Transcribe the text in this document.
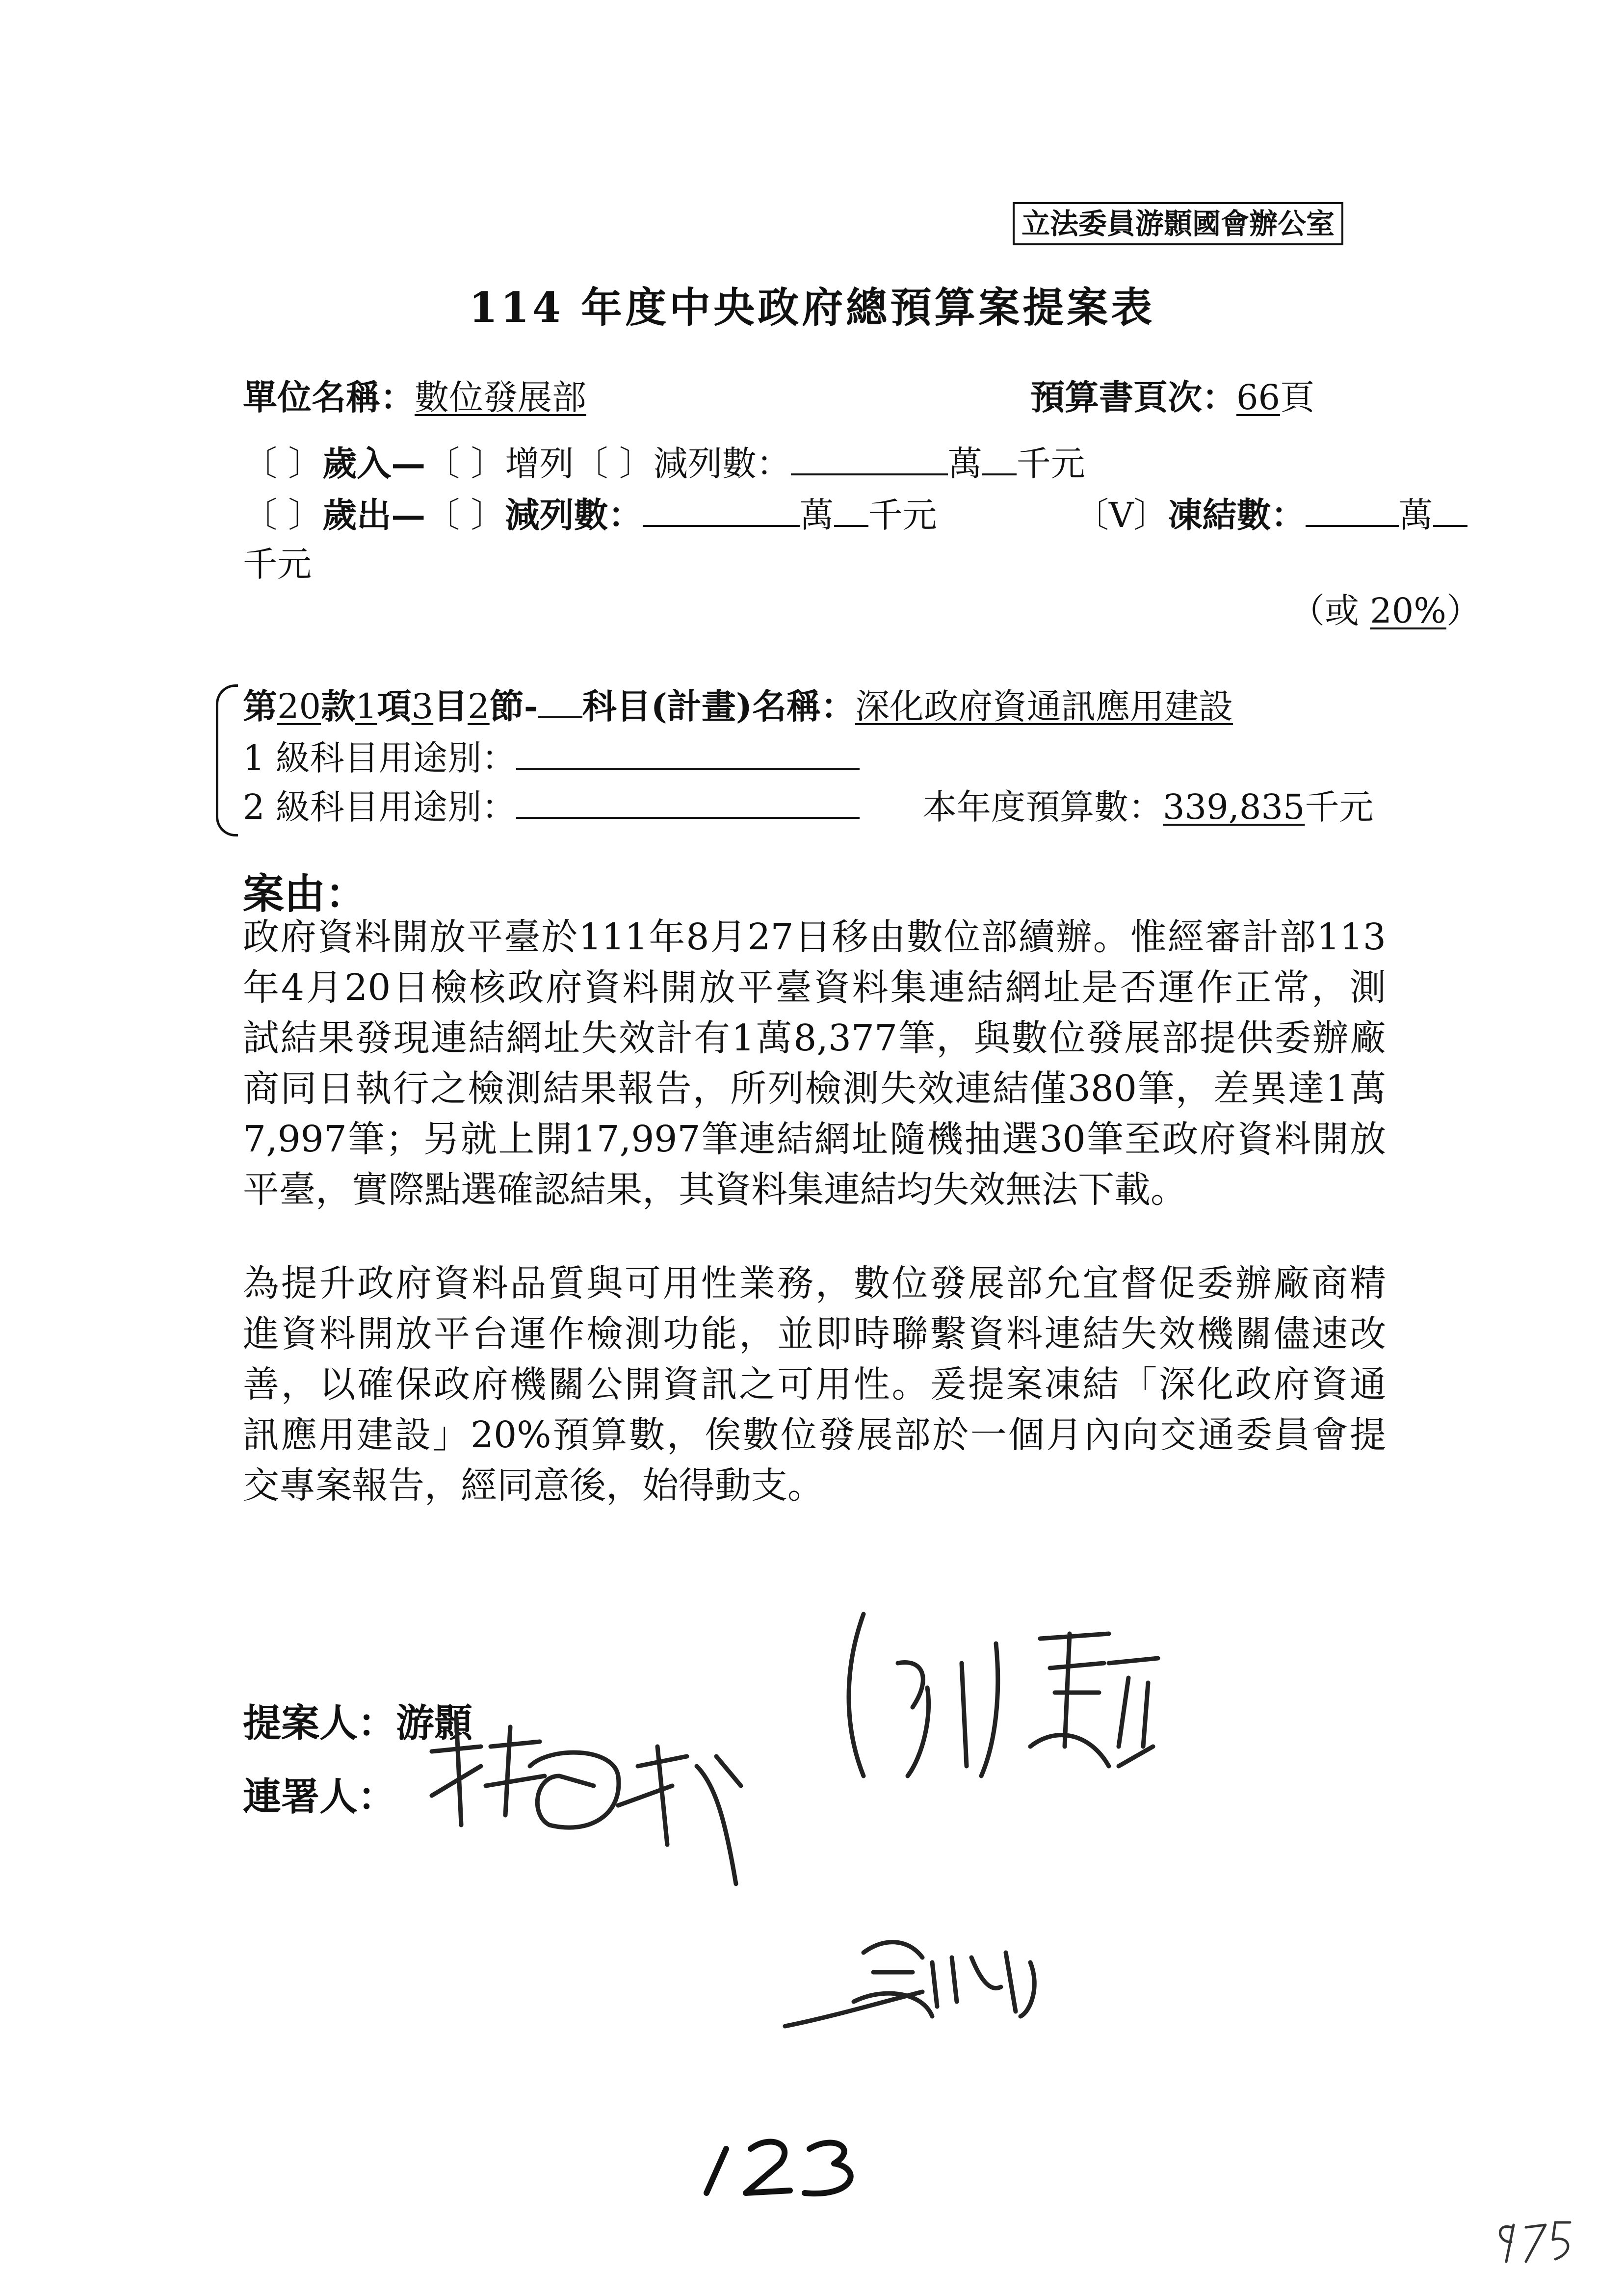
立法委員游顥國會辦公室
114 年度中央政府總預算案提案表
單位名稱：數位發展部	預算書頁次：66頁
〔 〕歲入—〔 〕增列〔 〕減列數：	萬 千元
〔 〕歲出—〔 〕減列數：	萬 千元	〔V〕凍結數：	萬
千元
（或 20%）
第20款1項3目2節- 科目(計畫)名稱：深化政府資通訊應用建設
1 級科目用途別：
2 級科目用途別：	本年度預算數：339,835千元
案由：
政府資料開放平臺於111年8月27日移由數位部續辦。惟經審計部113
年4月20日檢核政府資料開放平臺資料集連結網址是否運作正常，測
試結果發現連結網址失效計有1萬8,377筆，與數位發展部提供委辦廠
商同日執行之檢測結果報告，所列檢測失效連結僅380筆，差異達1萬
7,997筆；另就上開17,997筆連結網址隨機抽選30筆至政府資料開放
平臺，實際點選確認結果，其資料集連結均失效無法下載。
為提升政府資料品質與可用性業務，數位發展部允宜督促委辦廠商精
進資料開放平台運作檢測功能，並即時聯繫資料連結失效機關儘速改
善，以確保政府機關公開資訊之可用性。爰提案凍結「深化政府資通
訊應用建設」20%預算數，俟數位發展部於一個月內向交通委員會提
交專案報告，經同意後，始得動支。
提案人：游顥
連署人：
